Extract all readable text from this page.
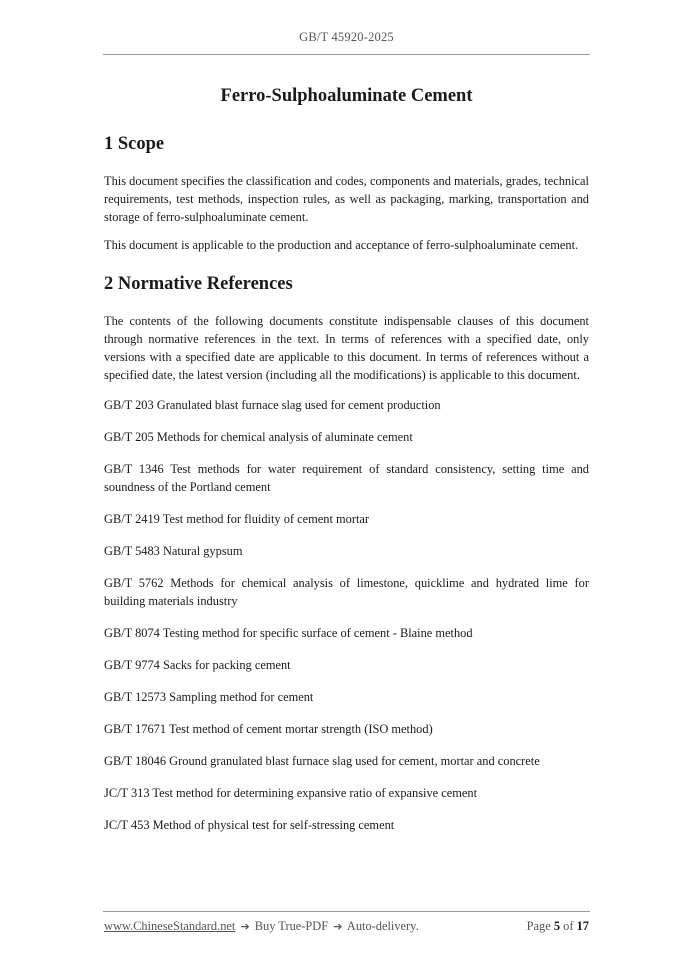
GB/T 45920-2025
Ferro-Sulphoaluminate Cement
1 Scope

This document specifies the classification and codes, components and materials, grades, technical requirements, test methods, inspection rules, as well as packaging, marking, transportation and storage of ferro-sulphoaluminate cement.

This document is applicable to the production and acceptance of ferro-sulphoaluminate cement.

2 Normative References

The contents of the following documents constitute indispensable clauses of this document through normative references in the text. In terms of references with a specified date, only versions with a specified date are applicable to this document. In terms of references without a specified date, the latest version (including all the modifications) is applicable to this document.

GB/T 203 Granulated blast furnace slag used for cement production

GB/T 205 Methods for chemical analysis of aluminate cement

GB/T 1346 Test methods for water requirement of standard consistency, setting time and soundness of the Portland cement

GB/T 2419 Test method for fluidity of cement mortar

GB/T 5483 Natural gypsum

GB/T 5762 Methods for chemical analysis of limestone, quicklime and hydrated lime for building materials industry

GB/T 8074 Testing method for specific surface of cement - Blaine method

GB/T 9774 Sacks for packing cement

GB/T 12573 Sampling method for cement

GB/T 17671 Test method of cement mortar strength (ISO method)

GB/T 18046 Ground granulated blast furnace slag used for cement, mortar and concrete

JC/T 313 Test method for determining expansive ratio of expansive cement

JC/T 453 Method of physical test for self-stressing cement

www.ChineseStandard.net ➔ Buy True-PDF ➔ Auto-delivery.	Page 5 of 17
